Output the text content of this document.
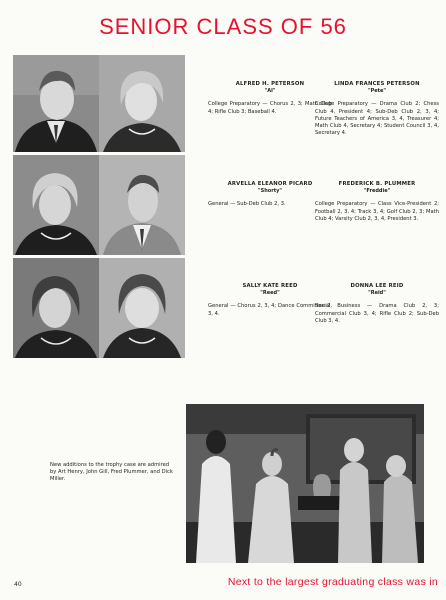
SENIOR CLASS OF 56
ALFRED H. PETERSON
"Al"
College Preparatory — Chorus 2, 3; Math Club 4; Rifle Club 3; Baseball 4.
LINDA FRANCES PETERSON
"Pete"
College Preparatory — Drama Club 2; Chess Club 4, President 4; Sub-Deb Club 2, 3, 4; Future Teachers of America 3, 4, Treasurer 4; Math Club 4, Secretary 4; Student Council 3, 4, Secretary 4.
ARVELLA ELEANOR PICARD
"Shorty"
General — Sub-Deb Club 2, 3.
FREDERICK B. PLUMMER
"Freddie"
College Preparatory — Class Vice-President 2; Football 2, 3, 4; Track 3, 4; Golf Club 2, 3; Math Club 4; Varsity Club 2, 3, 4, President 3.
SALLY KATE REED
"Reed"
General — Chorus 2, 3, 4; Dance Committee 2, 3, 4.
DONNA LEE REID
"Reid"
Social Business — Drama Club 2, 3; Commercial Club 3, 4; Rifle Club 2; Sub-Deb Club 3, 4.
New additions to the trophy case are admired by Art Henry, John Gill, Fred Plummer, and Dick Miller.
40	Next to the largest graduating class was in
